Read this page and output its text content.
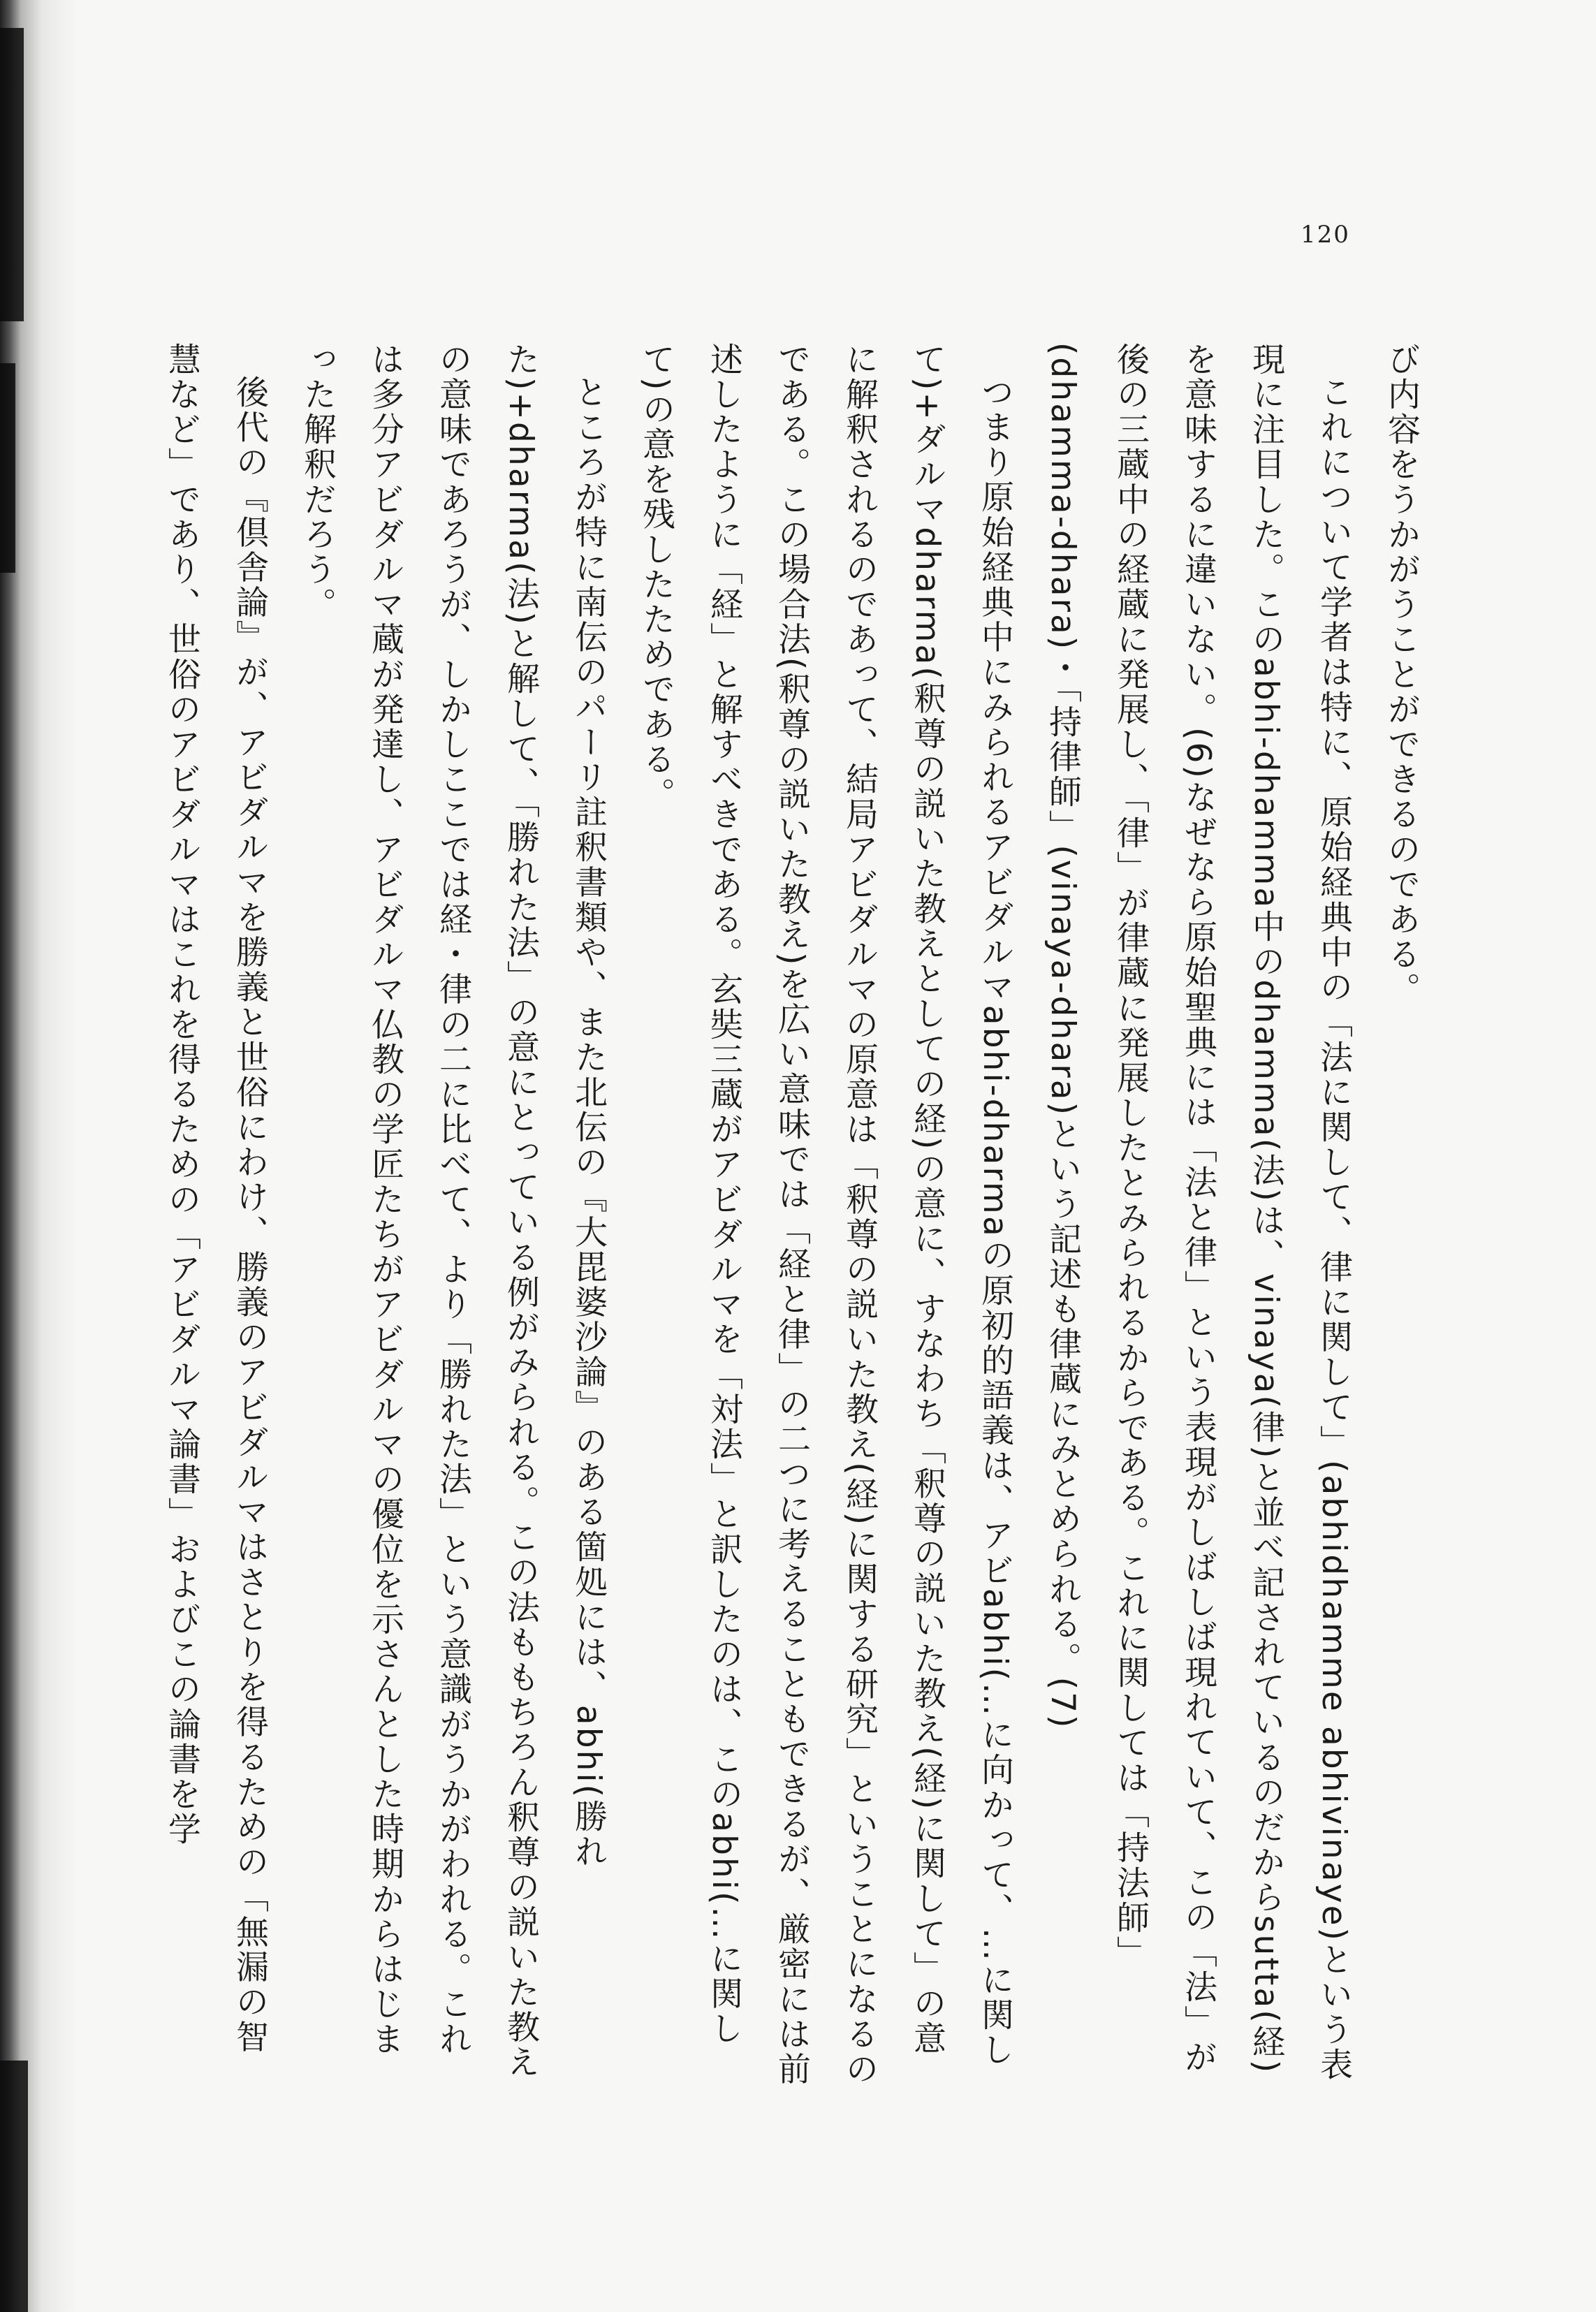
120

び内容をうかがうことができるのである。

これについて学者は特に、原始経典中の「法に関して、律に関して」(abhidhamme abhivinaye)という表現に注目した。このabhi-dhamma中のdhamma(法)は、vinaya(律)と並べ記されているのだからsutta(経)を意味するに違いない。(6)なぜなら原始聖典には「法と律」という表現がしばしば現れていて、この「法」が後の三蔵中の経蔵に発展し、「律」が律蔵に発展したとみられるからである。これに関しては「持法師」(dhamma-dhara)・「持律師」(vinaya-dhara)という記述も律蔵にみとめられる。(7)

つまり原始経典中にみられるアビダルマabhi-dharmaの原初的語義は、アビabhi(…に向かって、…に関して)+ダルマdharma(釈尊の説いた教えとしての経)の意に、すなわち「釈尊の説いた教え(経)に関して」の意に解釈されるのであって、結局アビダルマの原意は「釈尊の説いた教え(経)に関する研究」ということになるのである。この場合法(釈尊の説いた教え)を広い意味では「経と律」の二つに考えることもできるが、厳密には前述したように「経」と解すべきである。玄奘三蔵がアビダルマを「対法」と訳したのは、このabhi(…に関して)の意を残したためである。

ところが特に南伝のパーリ註釈書類や、また北伝の『大毘婆沙論』のある箇処には、abhi(勝れた)+dharma(法)と解して、「勝れた法」の意にとっている例がみられる。この法ももちろん釈尊の説いた教えの意味であろうが、しかしここでは経・律の二に比べて、より「勝れた法」という意識がうかがわれる。これは多分アビダルマ蔵が発達し、アビダルマ仏教の学匠たちがアビダルマの優位を示さんとした時期からはじまった解釈だろう。

後代の『倶舎論』が、アビダルマを勝義と世俗にわけ、勝義のアビダルマはさとりを得るための「無漏の智慧など」であり、世俗のアビダルマはこれを得るための「アビダルマ論書」およびこの論書を学
